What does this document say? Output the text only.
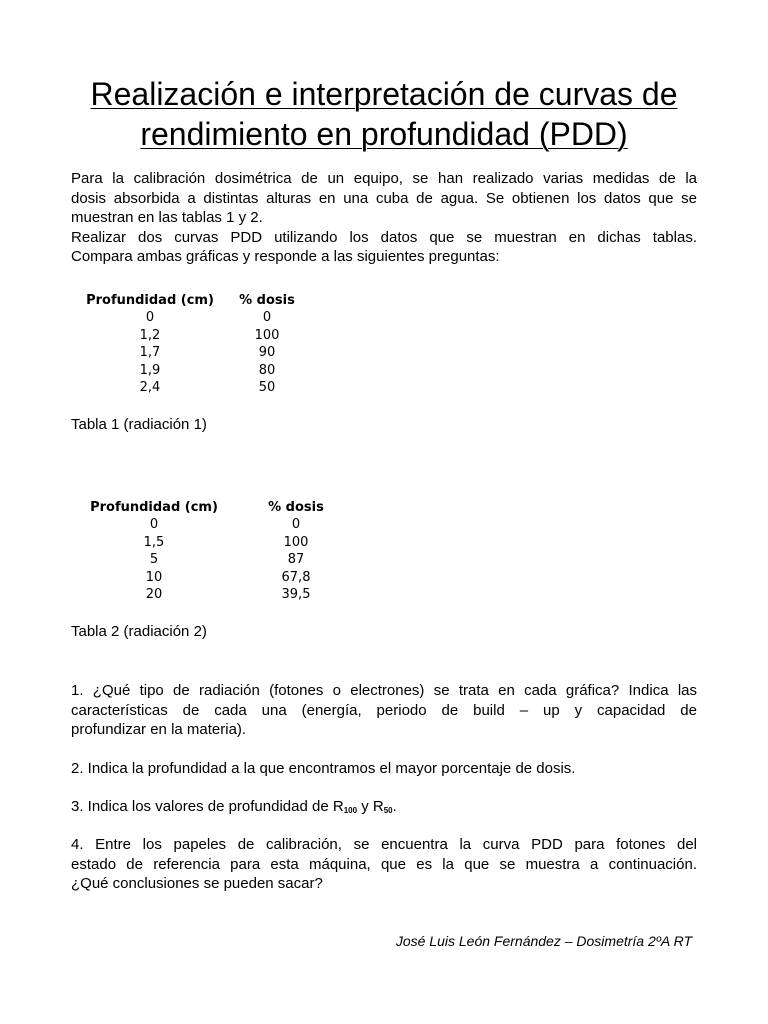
Realización e interpretación de curvas de
rendimiento en profundidad (PDD)

Para la calibración dosimétrica de un equipo, se han realizado varias medidas de la
dosis absorbida a distintas alturas en una cuba de agua. Se obtienen los datos que se
muestran en las tablas 1 y 2.
Realizar dos curvas PDD utilizando los datos que se muestran en dichas tablas.
Compara ambas gráficas y responde a las siguientes preguntas:

Profundidad (cm)	% dosis
0	0
1,2	100
1,7	90
1,9	80
2,4	50

Tabla 1 (radiación 1)

Profundidad (cm)	% dosis
0	0
1,5	100
5	87
10	67,8
20	39,5

Tabla 2 (radiación 2)

1. ¿Qué tipo de radiación (fotones o electrones) se trata en cada gráfica? Indica las
características de cada una (energía, periodo de build – up y capacidad de
profundizar en la materia).

2. Indica la profundidad a la que encontramos el mayor porcentaje de dosis.

3. Indica los valores de profundidad de $R_{100}$ y $R_{50}$.

4. Entre los papeles de calibración, se encuentra la curva PDD para fotones del
estado de referencia para esta máquina, que es la que se muestra a continuación.
¿Qué conclusiones se pueden sacar?

José Luis León Fernández – Dosimetría 2ºA RT
